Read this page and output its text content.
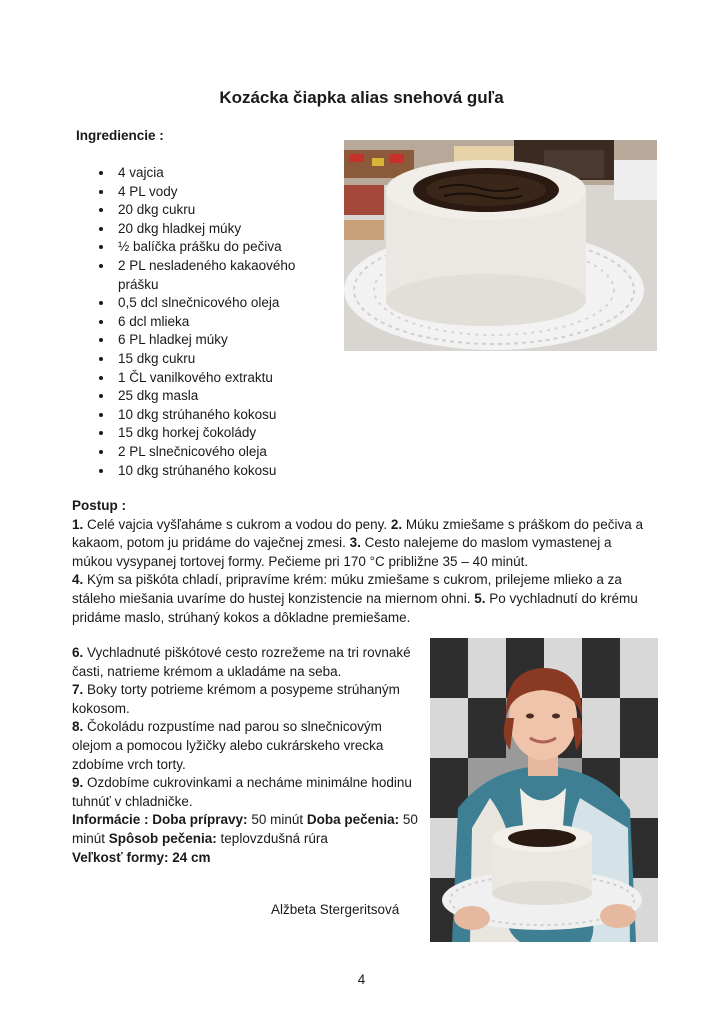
Kozácka čiapka alias snehová guľa
Ingrediencie :
• 4 vajcia
• 4 PL vody
• 20 dkg cukru
• 20 dkg hladkej múky
• ½ balíčka prášku do pečiva
• 2 PL nesladeného kakaového prášku
• 0,5 dcl slnečnicového oleja
• 6 dcl mlieka
• 6 PL hladkej múky
• 15 dkg cukru
• 1 ČL vanilkového extraktu
• 25 dkg masla
• 10 dkg strúhaného kokosu
• 15 dkg horkej čokolády
• 2 PL slnečnicového oleja
• 10 dkg strúhaného kokosu

Postup :

1. Celé vajcia vyšľaháme s cukrom a vodou do peny. 2. Múku zmiešame s práškom do pečiva a kakaom, potom ju pridáme do vaječnej zmesi. 3. Cesto nalejeme do maslom vymastenej a múkou vysypanej tortovej formy. Pečieme pri 170 °C približne 35 – 40 minút.

4. Kým sa piškóta chladí, pripravíme krém: múku zmiešame s cukrom, prilejeme mlieko a za stáleho miešania uvaríme do hustej konzistencie na miernom ohni. 5. Po vychladnutí do krému pridáme maslo, strúhaný kokos a dôkladne premiešame.

6. Vychladnuté piškótové cesto rozrežeme na tri rovnaké časti, natrieme krémom a ukladáme na seba.

7. Boky torty potrieme krémom a posypeme strúhaným kokosom.

8. Čokoládu rozpustíme nad parou so slnečnicovým olejom a pomocou lyžičky alebo cukrárskeho vrecka zdobíme vrch torty.

9. Ozdobíme cukrovinkami a necháme minimálne hodinu tuhnúť v chladničke.

Informácie : Doba prípravy: 50 minút Doba pečenia: 50 minút Spôsob pečenia: teplovzdušná rúra

Veľkosť formy: 24 cm

Alžbeta Stergeritsová
4
